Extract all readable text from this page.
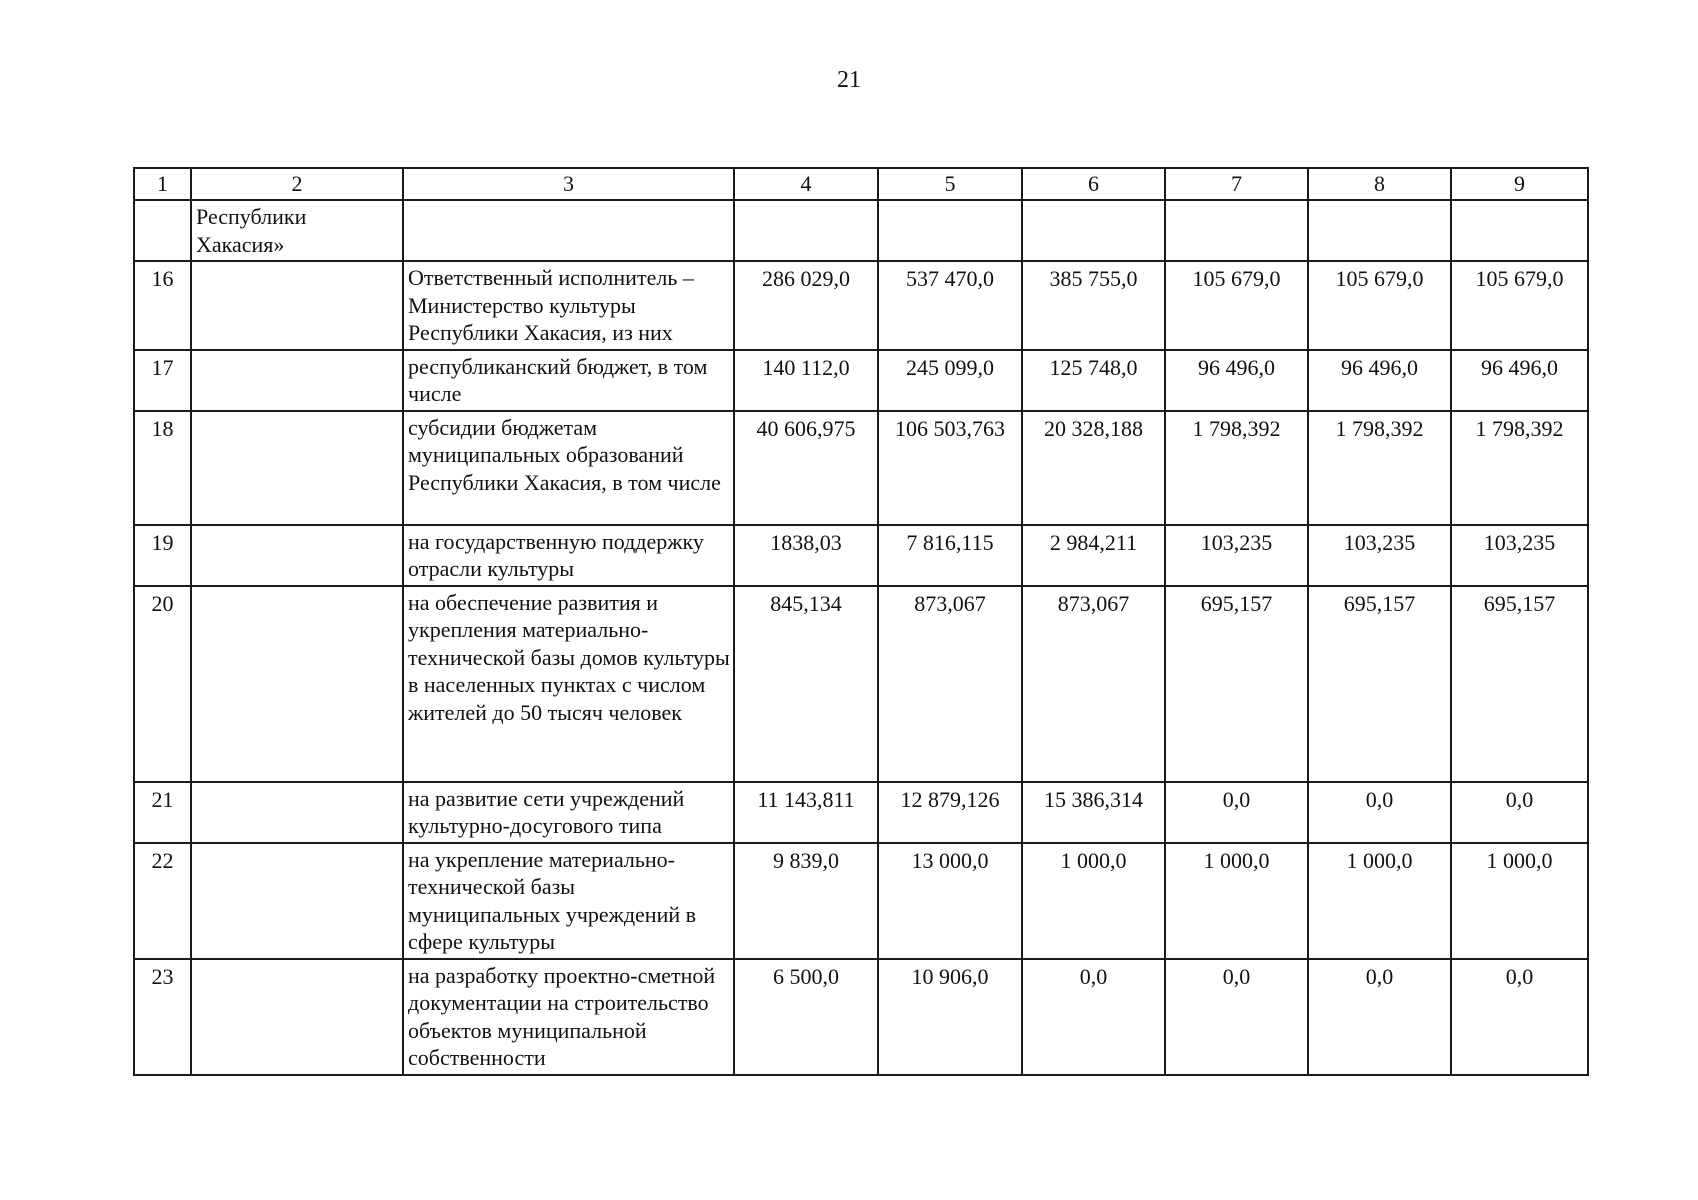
21
1	2	3	4	5	6	7	8	9
	Республики Хакасия»							
16		Ответственный исполнитель – Министерство культуры Республики Хакасия, из них	286 029,0	537 470,0	385 755,0	105 679,0	105 679,0	105 679,0
17		республиканский бюджет, в том числе	140 112,0	245 099,0	125 748,0	96 496,0	96 496,0	96 496,0
18		субсидии бюджетам муниципальных образований Республики Хакасия, в том числе	40 606,975	106 503,763	20 328,188	1 798,392	1 798,392	1 798,392
19		на государственную поддержку отрасли культуры	1838,03	7 816,115	2 984,211	103,235	103,235	103,235
20		на обеспечение развития и укрепления материально-технической базы домов культуры в населенных пунктах с числом жителей до 50 тысяч человек	845,134	873,067	873,067	695,157	695,157	695,157
21		на развитие сети учреждений культурно-досугового типа	11 143,811	12 879,126	15 386,314	0,0	0,0	0,0
22		на укрепление материально-технической базы муниципальных учреждений в сфере культуры	9 839,0	13 000,0	1 000,0	1 000,0	1 000,0	1 000,0
23		на разработку проектно-сметной документации на строительство объектов муниципальной собственности	6 500,0	10 906,0	0,0	0,0	0,0	0,0
